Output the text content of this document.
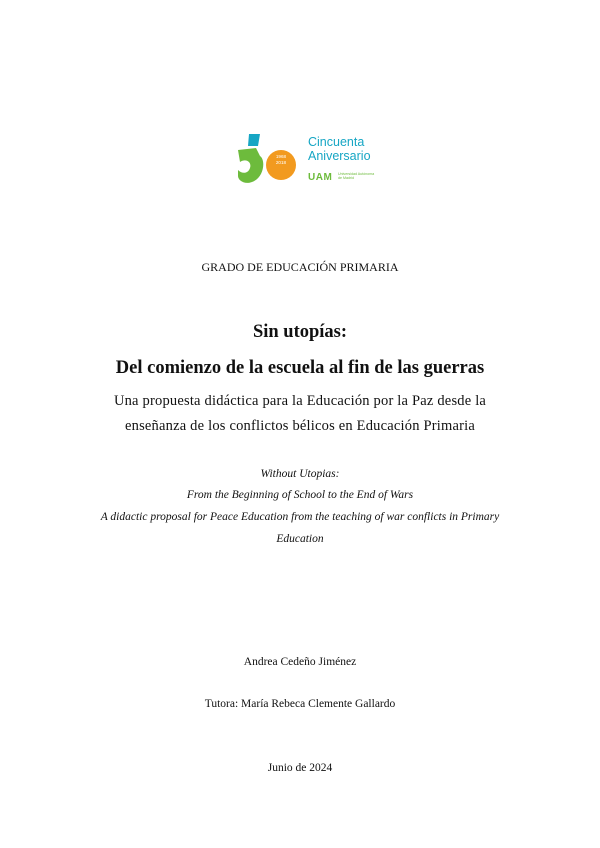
1968
2018
Cincuenta
Aniversario
UAM Universidad Autónoma
de Madrid
GRADO DE EDUCACIÓN PRIMARIA
Sin utopías:
Del comienzo de la escuela al fin de las guerras
Una propuesta didáctica para la Educación por la Paz desde la
enseñanza de los conflictos bélicos en Educación Primaria
Without Utopias:
From the Beginning of School to the End of Wars
A didactic proposal for Peace Education from the teaching of war conflicts in Primary
Education
Andrea Cedeño Jiménez
Tutora: María Rebeca Clemente Gallardo
Junio de 2024
